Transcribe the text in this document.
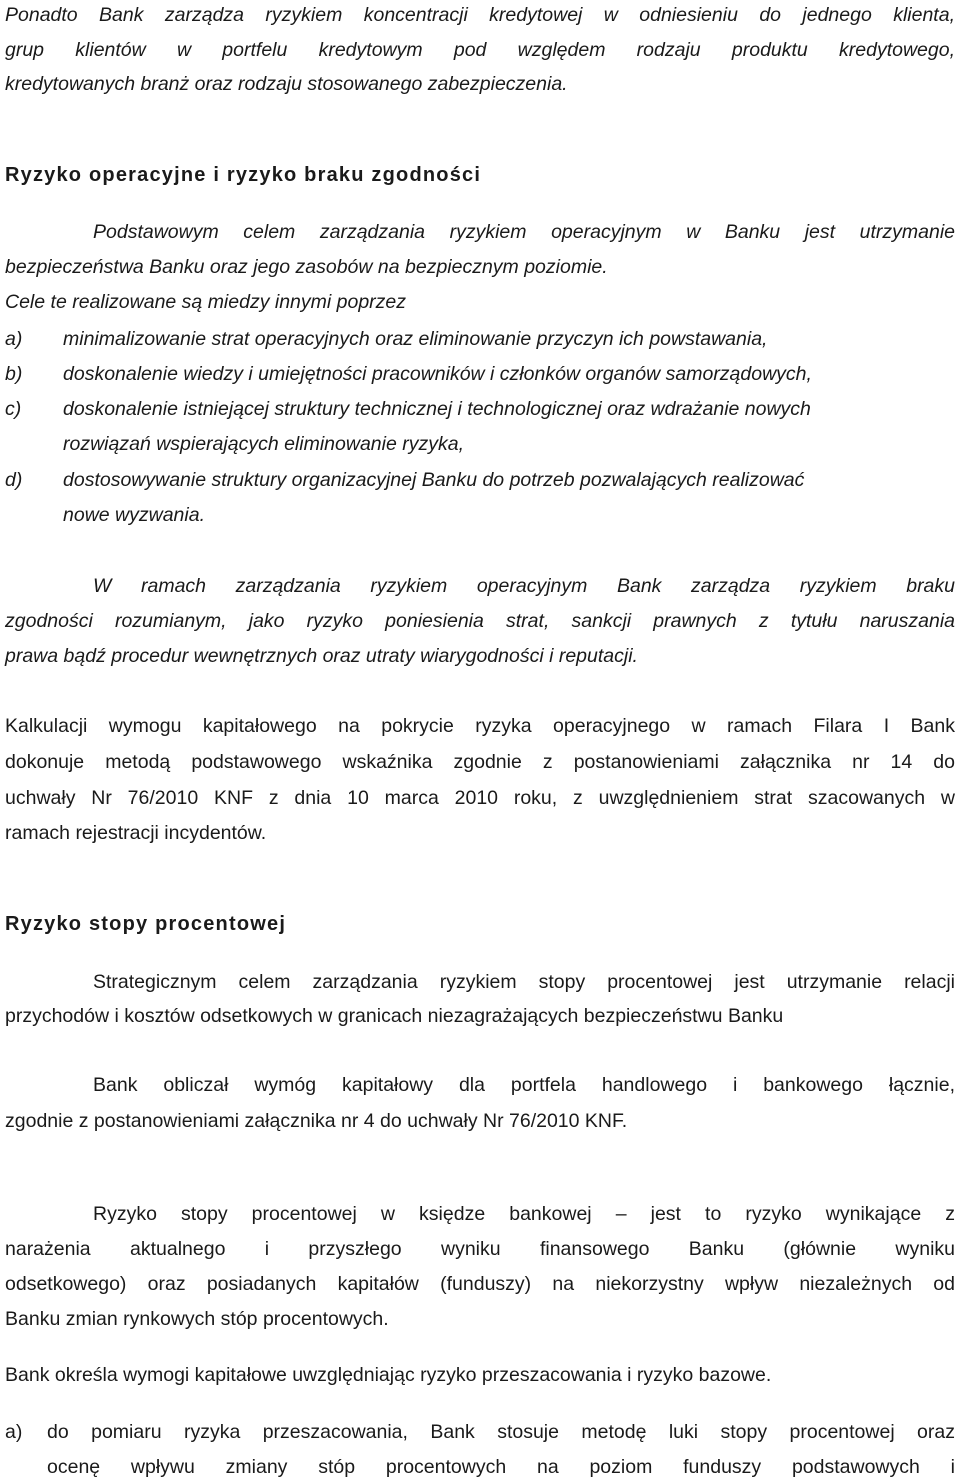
Ponadto Bank zarządza ryzykiem koncentracji kredytowej w odniesieniu do jednego klienta,

grup klientów w portfelu kredytowym pod względem rodzaju produktu kredytowego,

kredytowanych branż oraz rodzaju stosowanego zabezpieczenia.

Ryzyko operacyjne i ryzyko braku zgodności

Podstawowym celem zarządzania ryzykiem operacyjnym w Banku jest utrzymanie

bezpieczeństwa Banku oraz jego zasobów na bezpiecznym poziomie.

Cele te realizowane są miedzy innymi poprzez

a)	minimalizowanie strat operacyjnych oraz eliminowanie przyczyn ich powstawania,
b)	doskonalenie wiedzy i umiejętności pracowników i członków organów samorządowych,
c)	doskonalenie istniejącej struktury technicznej i technologicznej oraz wdrażanie nowych

rozwiązań wspierających eliminowanie ryzyka,

d)	dostosowywanie struktury organizacyjnej Banku do potrzeb pozwalających realizować

nowe wyzwania.

W ramach zarządzania ryzykiem operacyjnym Bank zarządza ryzykiem braku

zgodności rozumianym, jako ryzyko poniesienia strat, sankcji prawnych z tytułu naruszania

prawa bądź procedur wewnętrznych oraz utraty wiarygodności i reputacji.

Kalkulacji wymogu kapitałowego na pokrycie ryzyka operacyjnego w ramach Filara I Bank

dokonuje metodą podstawowego wskaźnika zgodnie z postanowieniami załącznika nr 14 do

uchwały Nr 76/2010 KNF z dnia 10 marca 2010 roku, z uwzględnieniem strat szacowanych w

ramach rejestracji incydentów.

Ryzyko stopy procentowej

Strategicznym celem zarządzania ryzykiem stopy procentowej jest utrzymanie relacji

przychodów i kosztów odsetkowych w granicach niezagrażających bezpieczeństwu Banku

Bank obliczał wymóg kapitałowy dla portfela handlowego i bankowego łącznie,

zgodnie z postanowieniami załącznika nr 4 do uchwały Nr 76/2010 KNF.

Ryzyko stopy procentowej w księdze bankowej – jest to ryzyko wynikające z

narażenia aktualnego i przyszłego wyniku finansowego Banku (głównie wyniku

odsetkowego) oraz posiadanych kapitałów (funduszy) na niekorzystny wpływ niezależnych od

Banku zmian rynkowych stóp procentowych.

Bank określa wymogi kapitałowe uwzględniając ryzyko przeszacowania i ryzyko bazowe.

a)	do pomiaru ryzyka przeszacowania, Bank stosuje metodę luki stopy procentowej oraz

ocenę wpływu zmiany stóp procentowych na poziom funduszy podstawowych i
